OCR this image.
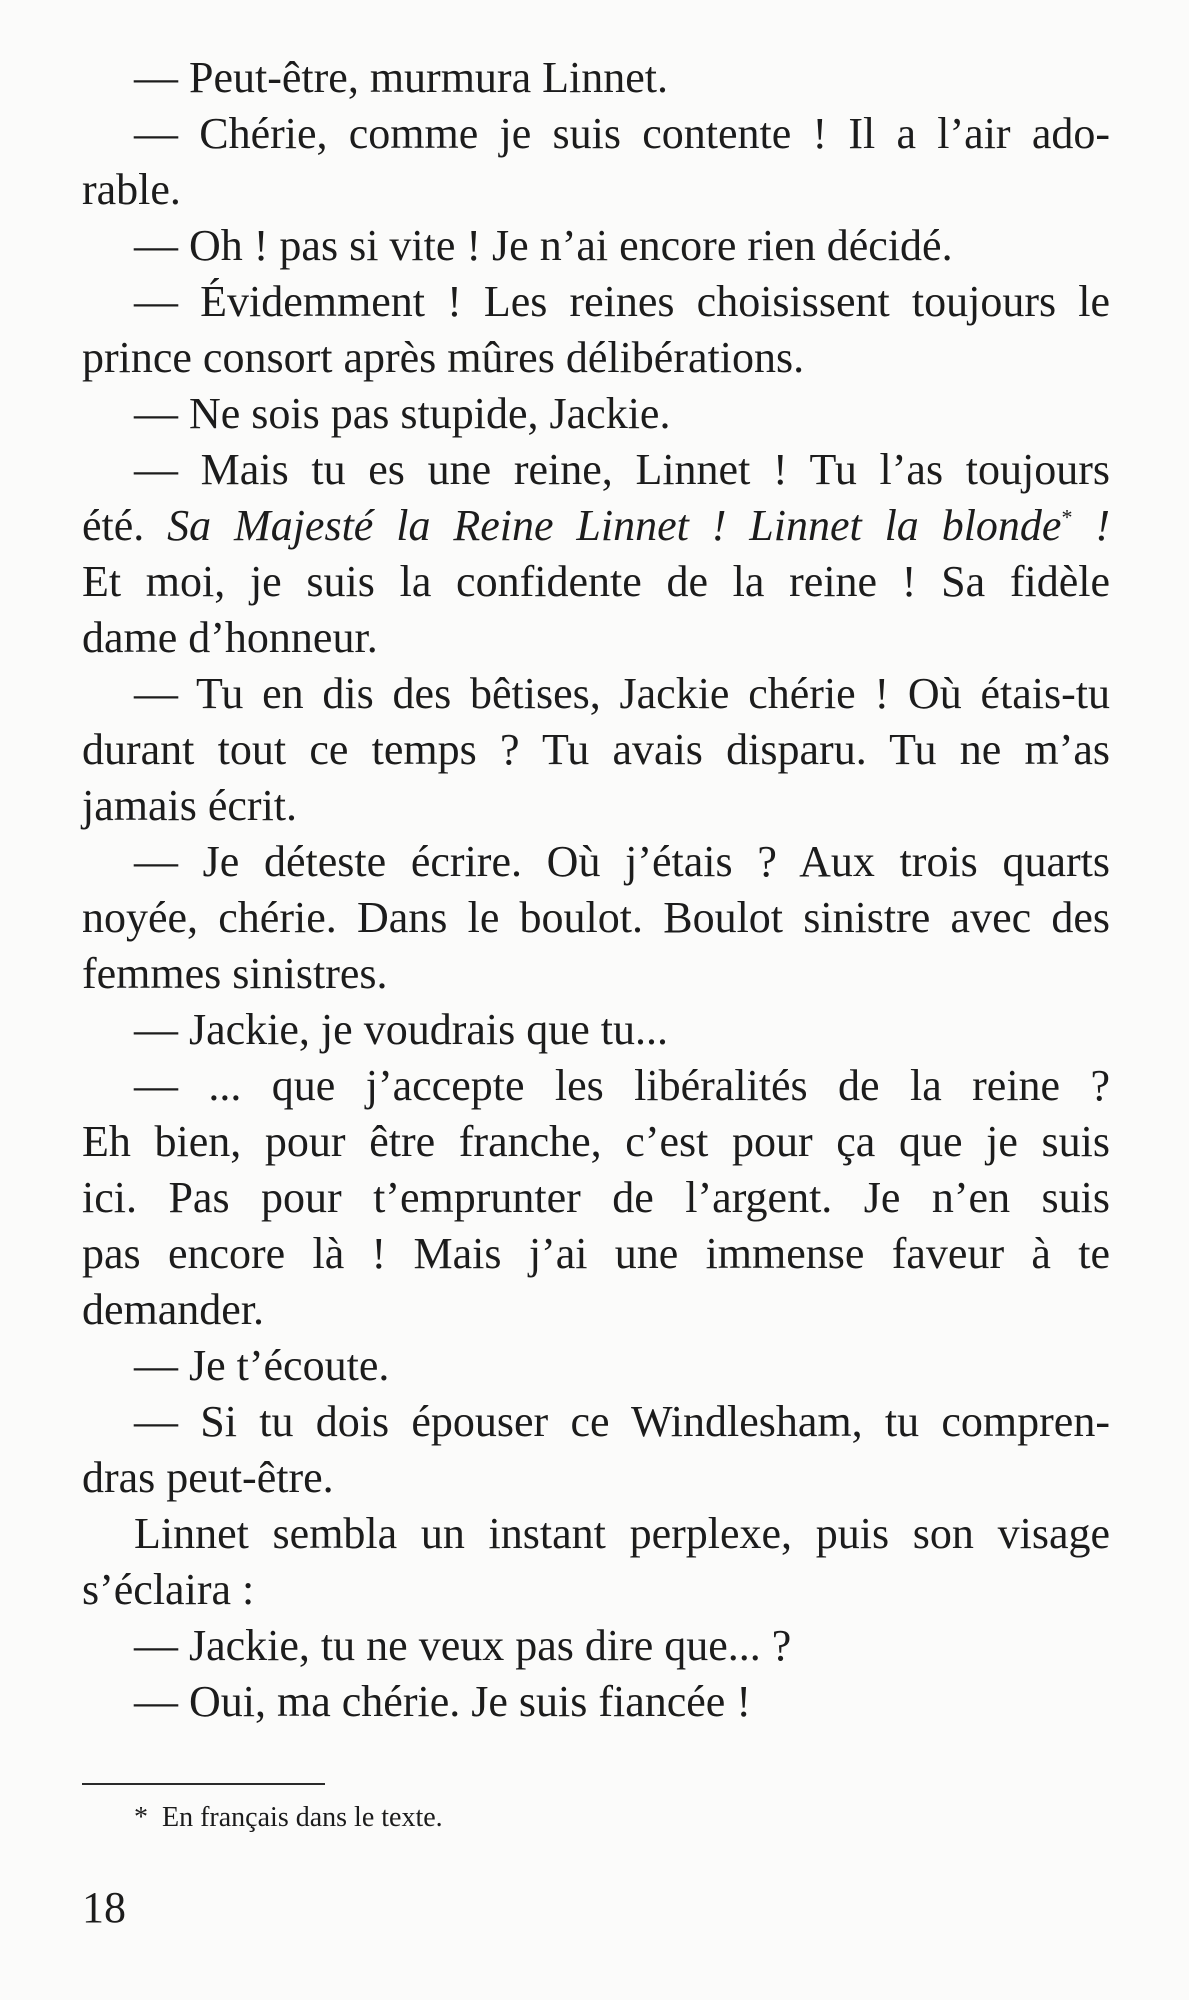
— Peut-être, murmura Linnet.
— Chérie, comme je suis contente ! Il a l’air ado-
rable.
— Oh ! pas si vite ! Je n’ai encore rien décidé.
— Évidemment ! Les reines choisissent toujours le
prince consort après mûres délibérations.
— Ne sois pas stupide, Jackie.
— Mais tu es une reine, Linnet ! Tu l’as toujours
été. Sa Majesté la Reine Linnet ! Linnet la blonde* !
Et moi, je suis la confidente de la reine ! Sa fidèle
dame d’honneur.
— Tu en dis des bêtises, Jackie chérie ! Où étais-tu
durant tout ce temps ? Tu avais disparu. Tu ne m’as
jamais écrit.
— Je déteste écrire. Où j’étais ? Aux trois quarts
noyée, chérie. Dans le boulot. Boulot sinistre avec des
femmes sinistres.
— Jackie, je voudrais que tu...
— ... que j’accepte les libéralités de la reine ?
Eh bien, pour être franche, c’est pour ça que je suis
ici. Pas pour t’emprunter de l’argent. Je n’en suis
pas encore là ! Mais j’ai une immense faveur à te
demander.
— Je t’écoute.
— Si tu dois épouser ce Windlesham, tu compren-
dras peut-être.
Linnet sembla un instant perplexe, puis son visage
s’éclaira :
— Jackie, tu ne veux pas dire que... ?
— Oui, ma chérie. Je suis fiancée !
* En français dans le texte.
18
